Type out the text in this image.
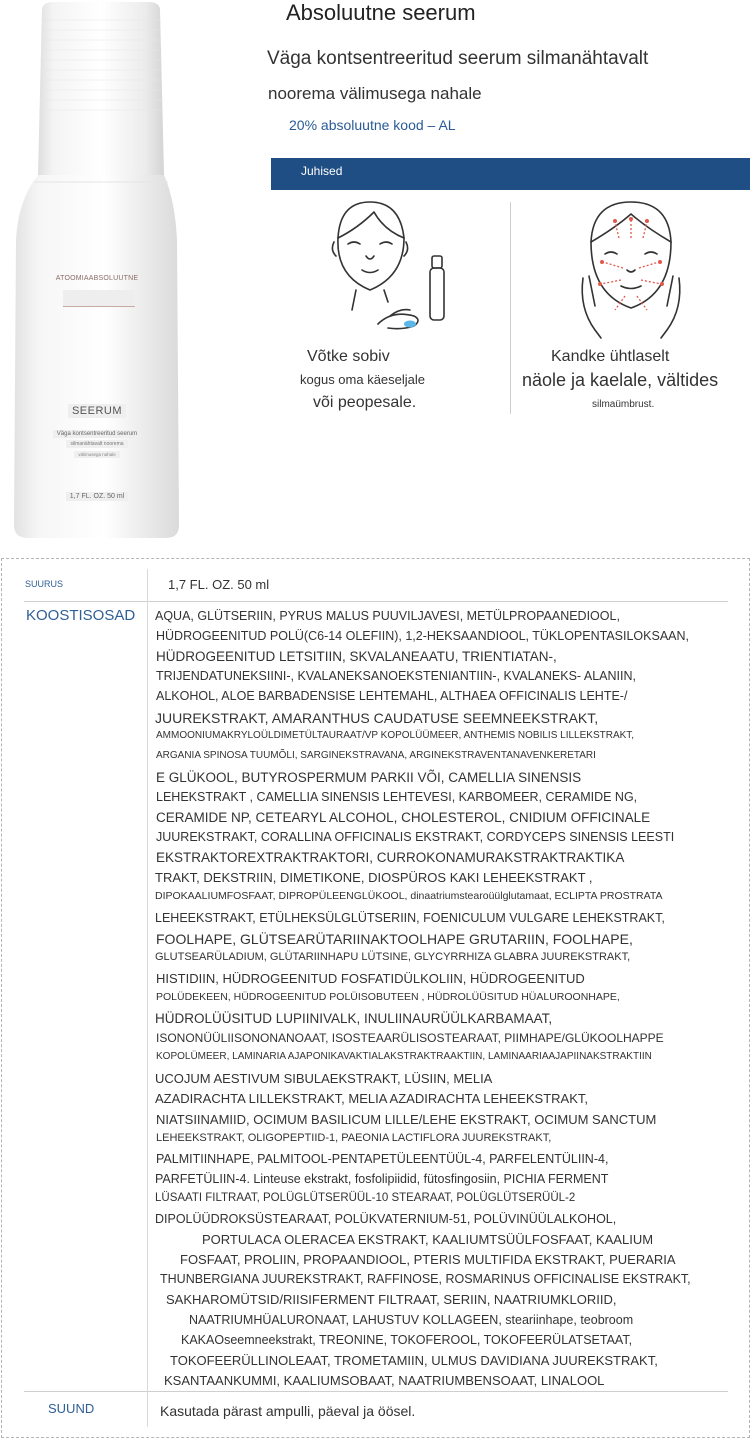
ATOOMIAABSOLUUTNE
SEERUM
Väga kontsentreeritud seerum
silmanähtavalt noorema
välimusega nahale
1,7 FL. OZ. 50 ml
Absoluutne seerum
Väga kontsentreeritud seerum silmanähtavalt
noorema välimusega nahale
20% absoluutne kood – AL
Juhised
Võtke sobiv
kogus oma käeseljale
või peopesale.
Kandke ühtlaselt
näole ja kaelale, vältides
silmaümbrust.
SUURUS	1,7 FL. OZ. 50 ml
KOOSTISOSAD AQUA, GLÜTSERIIN, PYRUS MALUS PUUVILJAVESI, METÜLPROPAANEDIOOL,
HÜDROGEENITUD POLÜ(C6-14 OLEFIIN), 1,2-HEKSAANDIOOL, TÜKLOPENTASILOKSAAN,
HÜDROGEENITUD LETSITIIN, SKVALANEAATU, TRIENTIATAN-,
TRIJENDATUNEKSIINI-, KVALANEKSANOEKSTENIANTIIN-, KVALANEKS- ALANIIN,
ALKOHOL, ALOE BARBADENSISE LEHTEMAHL, ALTHAEA OFFICINALIS LEHTE-/
JUUREKSTRAKT, AMARANTHUS CAUDATUSE SEEMNEEKSTRAKT,
AMMOONIUMAKRYLOÜLDIMETÜLTAURAAT/VP KOPOLÜÜMEER, ANTHEMIS NOBILIS LILLEKSTRAKT,
ARGANIA SPINOSA TUUMÕLI, SARGINEKSTRAVANA, ARGINEKSTRAVENTANAVENKERETARI
E GLÜKOOL, BUTYROSPERMUM PARKII VÕI, CAMELLIA SINENSIS
LEHEKSTRAKT , CAMELLIA SINENSIS LEHTEVESI, KARBOMEER, CERAMIDE NG,
CERAMIDE NP, CETEARYL ALCOHOL, CHOLESTEROL, CNIDIUM OFFICINALE
JUUREKSTRAKT, CORALLINA OFFICINALIS EKSTRAKT, CORDYCEPS SINENSIS LEESTI
EKSTRAKTOREXTRAKTRAKTORI, CURROKONAMURAKSTRAKTRAKTIKA
TRAKT, DEKSTRIIN, DIMETIKONE, DIOSPÜROS KAKI LEHEEKSTRAKT ,
DIPOKAALIUMFOSFAAT, DIPROPÜLEENGLÜKOOL, dinaatriumstearoüülglutamaat, ECLIPTA PROSTRATA
LEHEEKSTRAKT, ETÜLHEKSÜLGLÜTSERIIN, FOENICULUM VULGARE LEHEKSTRAKT,
FOOLHAPE, GLÜTSEARÜTARIINAKTOOLHAPE GRUTARIIN, FOOLHAPE,
GLUTSEARÜLADIUM, GLÜTARIINHAPU LÜTSINE, GLYCYRRHIZA GLABRA JUUREKSTRAKT,
HISTIDIIN, HÜDROGEENITUD FOSFATIDÜLKOLIIN, HÜDROGEENITUD
POLÜDEKEEN, HÜDROGEENITUD POLÜISOBUTEEN , HÜDROLÜÜSITUD HÜALUROONHAPE,
HÜDROLÜÜSITUD LUPIINIVALK, INULIINAURÜÜLKARBAMAAT,
ISONONÜÜLIISONONANOAAT, ISOSTEAARÜLISOSTEARAAT, PIIMHAPE/GLÜKOOLHAPPE
KOPOLÜMEER, LAMINARIA AJAPONIKAVAKTIALAKSTRAKTRAAKTIIN, LAMINAARIAAJAPIINAKSTRAKTIIN
UCOJUM AESTIVUM SIBULAEKSTRAKT, LÜSIIN, MELIA
AZADIRACHTA LILLEKSTRAKT, MELIA AZADIRACHTA LEHEEKSTRAKT,
NIATSIINAMIID, OCIMUM BASILICUM LILLE/LEHE EKSTRAKT, OCIMUM SANCTUM
LEHEEKSTRAKT, OLIGOPEPTIID-1, PAEONIA LACTIFLORA JUUREKSTRAKT,
PALMITIINHAPE, PALMITOOL-PENTAPETÜLEENTÜÜL-4, PARFELENTÜLIIN-4,
PARFETÜLIIN-4. Linteuse ekstrakt, fosfolipiidid, fütosfingosiin, PICHIA FERMENT
LÜSAATI FILTRAAT, POLÜGLÜTSERÜÜL-10 STEARAAT, POLÜGLÜTSERÜÜL-2
DIPOLÜÜDROKSÜSTEARAAT, POLÜKVATERNIUM-51, POLÜVINÜÜLALKOHOL,
PORTULACA OLERACEA EKSTRAKT, KAALIUMTSÜÜLFOSFAAT, KAALIUM
FOSFAAT, PROLIIN, PROPAANDIOOL, PTERIS MULTIFIDA EKSTRAKT, PUERARIA
THUNBERGIANA JUUREKSTRAKT, RAFFINOSE, ROSMARINUS OFFICINALISE EKSTRAKT,
SAKHAROMÜTSID/RIISIFERMENT FILTRAAT, SERIIN, NAATRIUMKLORIID,
NAATRIUMHÜALURONAAT, LAHUSTUV KOLLAGEEN, steariinhape, teobroom
KAKAOseemneekstrakt, TREONINE, TOKOFEROOL, TOKOFEERÜLATSETAAT,
TOKOFEERÜLLINOLEAAT, TROMETAMIIN, ULMUS DAVIDIANA JUUREKSTRAKT,
KSANTAANKUMMI, KAALIUMSOBAAT, NAATRIUMBENSOAAT, LINALOOL
SUUND	Kasutada pärast ampulli, päeval ja öösel.
